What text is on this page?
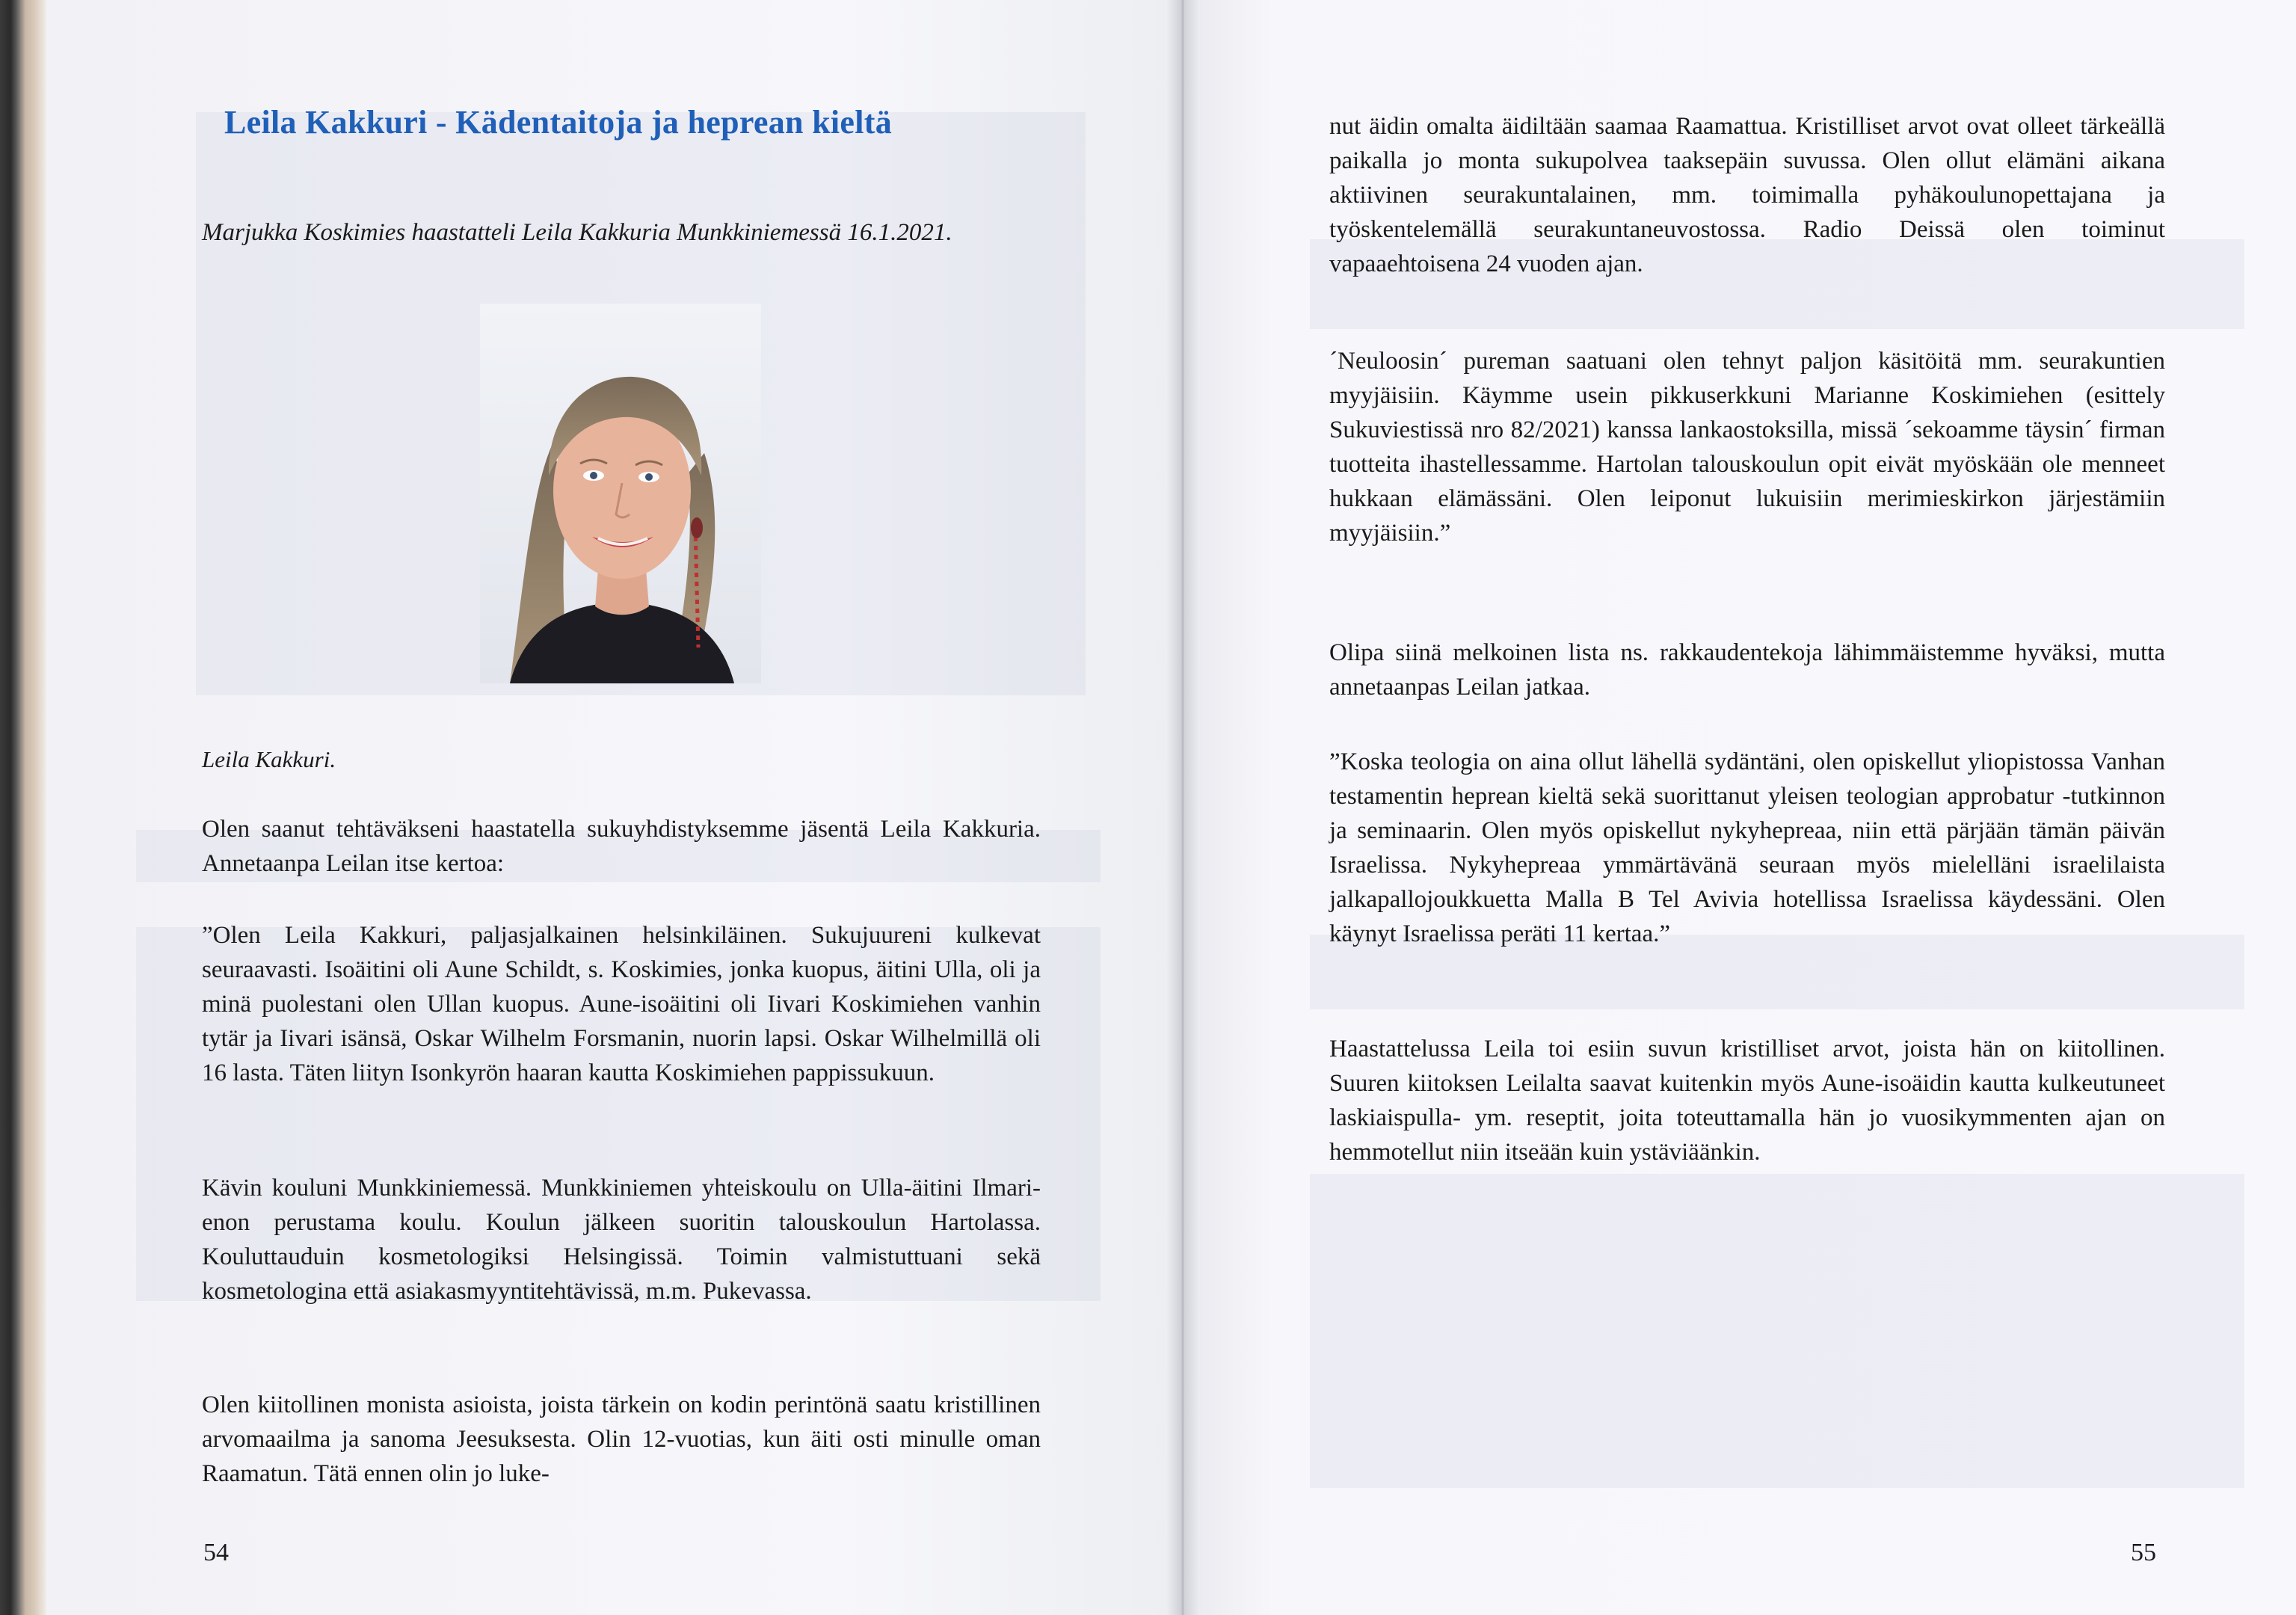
Leila Kakkuri - Kädentaitoja ja heprean kieltä
Marjukka Koskimies haastatteli Leila Kakkuria Munkkiniemessä 16.1.2021.
Leila Kakkuri.

Olen saanut tehtäväkseni haastatella sukuyhdistyksemme jäsentä Leila Kakkuria. Annetaanpa Leilan itse kertoa:

”Olen Leila Kakkuri, paljasjalkainen helsinkiläinen. Sukujuureni kulkevat seuraavasti. Isoäitini oli Aune Schildt, s. Koskimies, jonka kuopus, äitini Ulla, oli ja minä puolestani olen Ullan kuopus. Aune-isoäitini oli Iivari Koskimiehen vanhin tytär ja Iivari isänsä, Oskar Wilhelm Forsmanin, nuorin lapsi. Oskar Wilhelmillä oli 16 lasta. Täten liityn Isonkyrön haaran kautta Koskimiehen pappissukuun.

Kävin kouluni Munkkiniemessä. Munkkiniemen yhteiskoulu on Ulla-äitini Ilmari-enon perustama koulu. Koulun jälkeen suoritin talouskoulun Hartolassa. Kouluttauduin kosmetologiksi Helsingissä. Toimin valmistuttuani sekä kosmetologina että asiakasmyyntitehtävissä, m.m. Pukevassa.

Olen kiitollinen monista asioista, joista tärkein on kodin perintönä saatu kristillinen arvomaailma ja sanoma Jeesuksesta. Olin 12-vuotias, kun äiti osti minulle oman Raamatun. Tätä ennen olin jo luke-

54

nut äidin omalta äidiltään saamaa Raamattua. Kristilliset arvot ovat olleet tärkeällä paikalla jo monta sukupolvea taaksepäin suvussa. Olen ollut elämäni aikana aktiivinen seurakuntalainen, mm. toimimalla pyhäkoulunopettajana ja työskentelemällä seurakuntaneuvostossa. Radio Deissä olen toiminut vapaaehtoisena 24 vuoden ajan.

´Neuloosin´ pureman saatuani olen tehnyt paljon käsitöitä mm. seurakuntien myyjäisiin. Käymme usein pikkuserkkuni Marianne Koskimiehen (esittely Sukuviestissä nro 82/2021) kanssa lankaostoksilla, missä ´sekoamme täysin´ firman tuotteita ihastellessamme. Hartolan talouskoulun opit eivät myöskään ole menneet hukkaan elämässäni. Olen leiponut lukuisiin merimieskirkon järjestämiin myyjäisiin.”

Olipa siinä melkoinen lista ns. rakkaudentekoja lähimmäistemme hyväksi, mutta annetaanpas Leilan jatkaa.

”Koska teologia on aina ollut lähellä sydäntäni, olen opiskellut yliopistossa Vanhan testamentin heprean kieltä sekä suorittanut yleisen teologian approbatur -tutkinnon ja seminaarin. Olen myös opiskellut nykyhepreaa, niin että pärjään tämän päivän Israelissa. Nykyhepreaa ymmärtävänä seuraan myös mielelläni israelilaista jalkapallojoukkuetta Malla B Tel Avivia hotellissa Israelissa käydessäni. Olen käynyt Israelissa peräti 11 kertaa.”

Haastattelussa Leila toi esiin suvun kristilliset arvot, joista hän on kiitollinen. Suuren kiitoksen Leilalta saavat kuitenkin myös Aune-isoäidin kautta kulkeutuneet laskiaispulla- ym. reseptit, joita toteuttamalla hän jo vuosikymmenten ajan on hemmotellut niin itseään kuin ystäviäänkin.

55
